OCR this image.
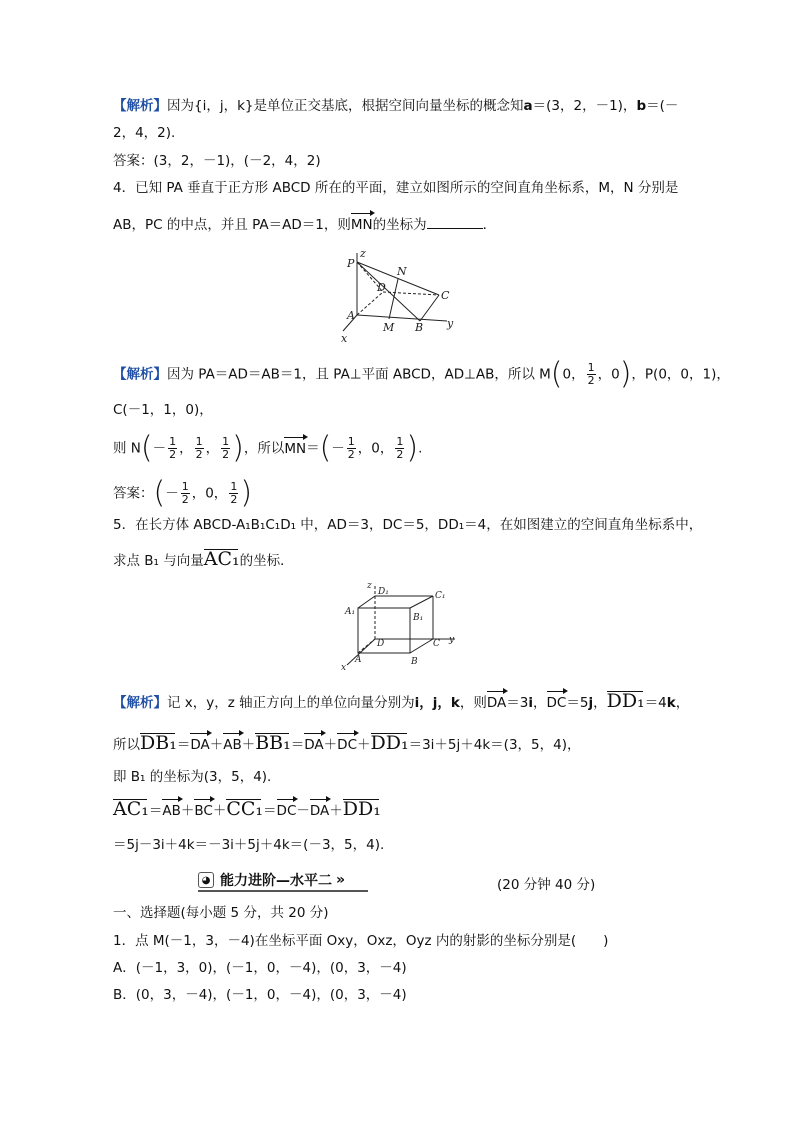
【解析】因为{i，j，k}是单位正交基底，根据空间向量坐标的概念知a＝(3，2，－1)，b＝(－
2，4，2).
答案：(3，2，－1)，(－2，4，2)
4．已知 PA 垂直于正方形 ABCD 所在的平面，建立如图所示的空间直角坐标系，M，N 分别是
AB，PC 的中点，并且 PA＝AD＝1，则MN的坐标为	．
P
N
D
C
A
M B
x
y
z
【解析】因为 PA＝AD＝AB＝1，且 PA⊥平面 ABCD，AD⊥AB，所以 M(0， $\frac{1}{2}$ ，0)，P(0，0，1)，
C(－1，1，0)，
则 $N(- \frac{1}{2}$ ， $\frac{1}{2}$ ， $\frac{1}{2}$ )，所以$MN=(- \frac{1}{2}$ ，0， $\frac{1}{2}$ ).
答案：(－ $\frac{1}{2}$ ，0， $\frac{1}{2}$ )
5．在长方体 ABCD-A₁B₁C₁D₁ 中，AD＝3，DC＝5，DD₁＝4，在如图建立的空间直角坐标系中，
求点 B₁ 与向量AC₁的坐标．
z
D₁	C₁
A₁
B₁
D	C y
A	B
x
【解析】记 x，y，z 轴正方向上的单位向量分别为i，j，k，则DA＝3i，DC＝5j，DD₁＝4k，
所以DB₁＝DA＋AB＋BB₁＝DA＋DC＋DD₁＝3i＋5j＋4k＝(3，5，4)，
即 B₁ 的坐标为(3，5，4).
AC₁＝AB＋BC＋CC₁＝DC－DA＋DD₁
＝5j－3i＋4k＝－3i＋5j＋4k＝(－3，5，4).
◕ 能力进阶—水平二 »	(20 分钟 40 分)
一、选择题(每小题 5 分，共 20 分)
1．点 M(－1，3，－4)在坐标平面 Oxy，Oxz，Oyz 内的射影的坐标分别是(　　)
A．(－1，3，0)，(－1，0，－4)，(0，3，－4)
B．(0，3，－4)，(－1，0，－4)，(0，3，－4)
